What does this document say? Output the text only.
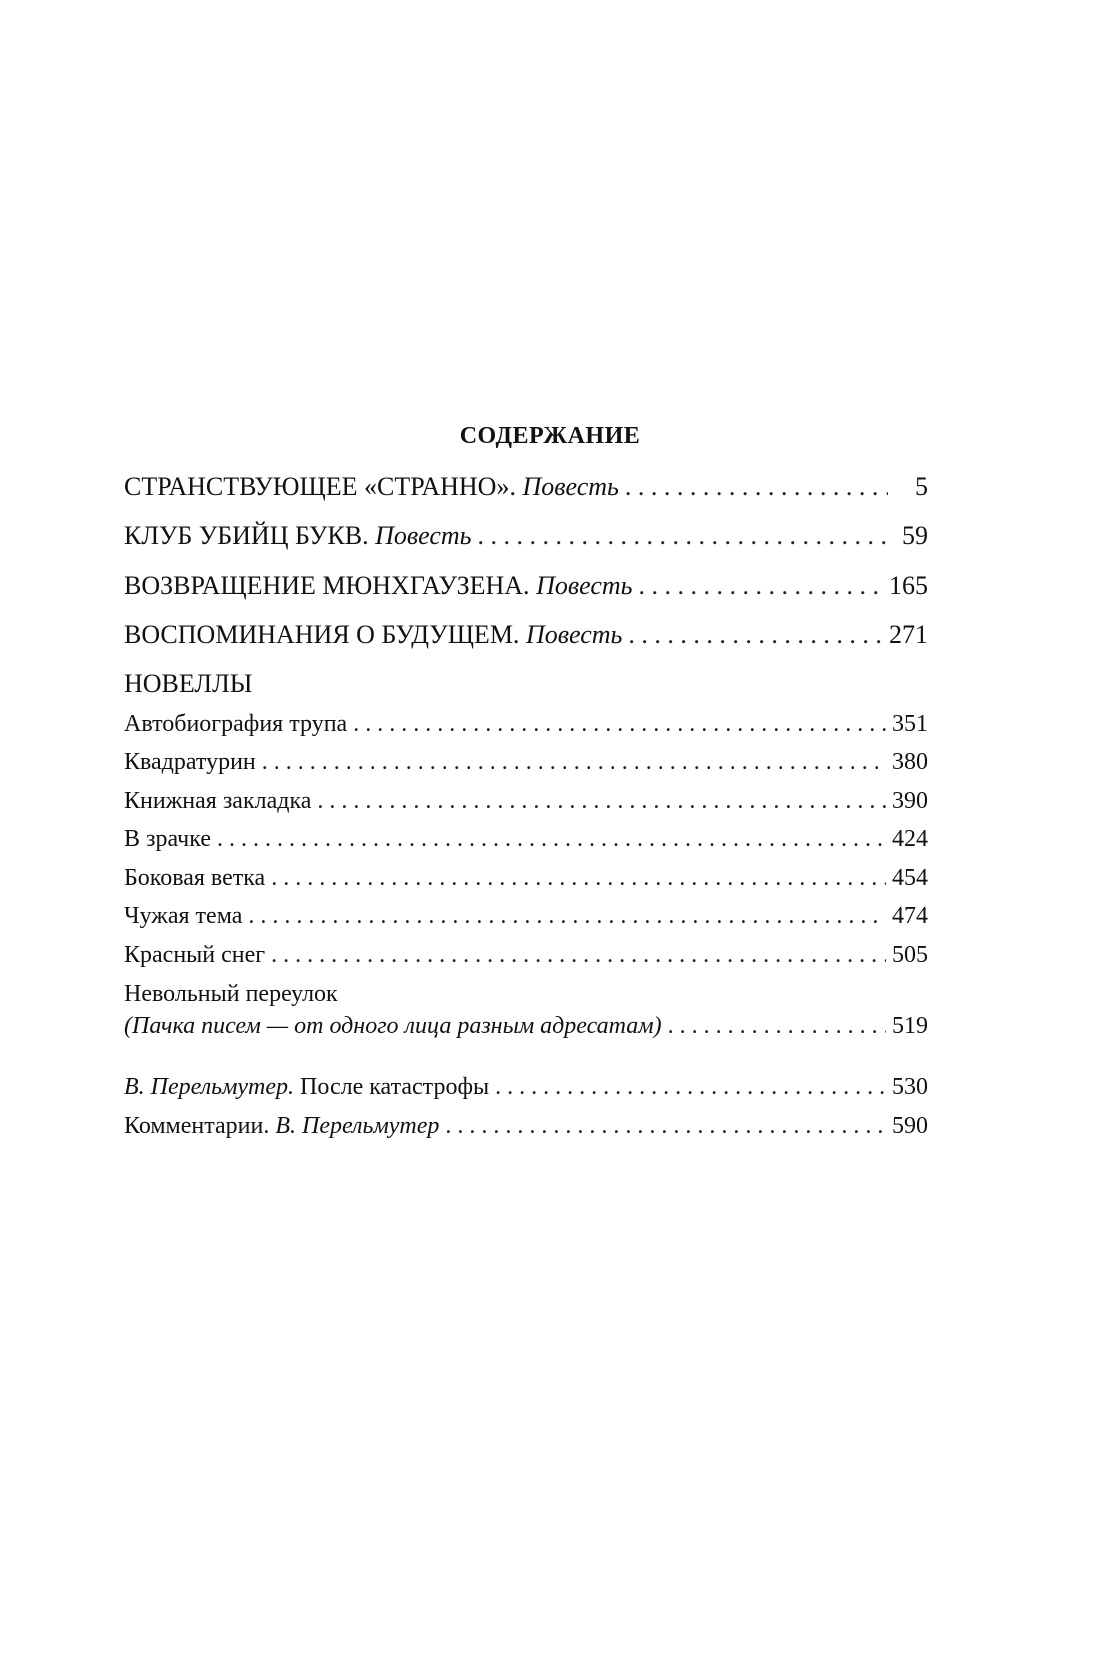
СОДЕРЖАНИЕ
СТРАНСТВУЮЩЕЕ «СТРАННО». Повесть . . .	5
КЛУБ УБИЙЦ БУКВ. Повесть . . .	59
ВОЗВРАЩЕНИЕ МЮНХГАУЗЕНА. Повесть . . .	165
ВОСПОМИНАНИЯ О БУДУЩЕМ. Повесть . . .	271
НОВЕЛЛЫ
Автобиография трупа . . .	351
Квадратурин . . .	380
Книжная закладка . . .	390
В зрачке . . .	424
Боковая ветка . . .	454
Чужая тема . . .	474
Красный снег . . .	505
Невольный переулок
(Пачка писем — от одного лица разным адресатам) . . .	519
В. Перельмутер. После катастрофы . . .	530
Комментарии. В. Перельмутер . . .	590
